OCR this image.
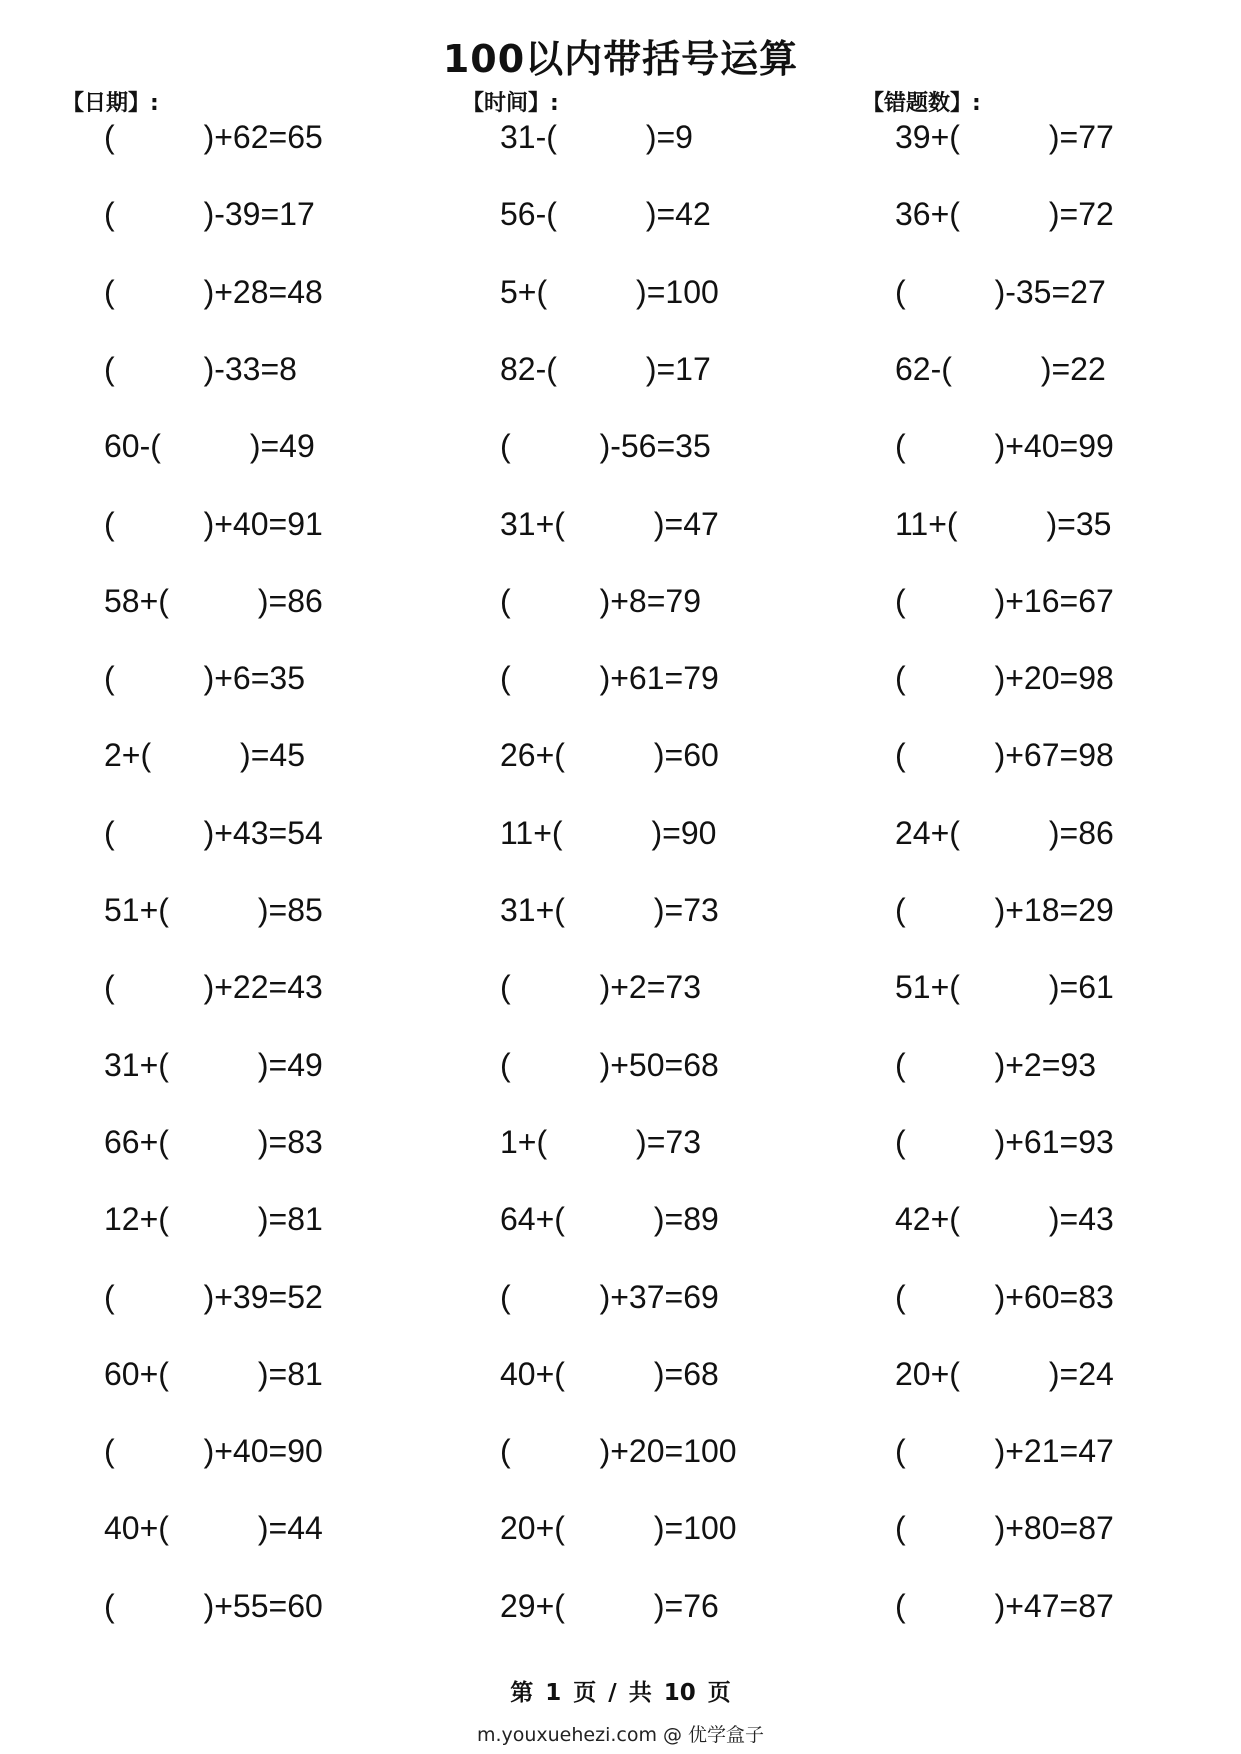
100以内带括号运算
【日期】:	【时间】:	【错题数】:
(          )+62=65
(          )-39=17
(          )+28=48
(          )-33=8
60-(          )=49
(          )+40=91
58+(          )=86
(          )+6=35
2+(          )=45
(          )+43=54
51+(          )=85
(          )+22=43
31+(          )=49
66+(          )=83
12+(          )=81
(          )+39=52
60+(          )=81
(          )+40=90
40+(          )=44
(          )+55=60
31-(          )=9
56-(          )=42
5+(          )=100
82-(          )=17
(          )-56=35
31+(          )=47
(          )+8=79
(          )+61=79
26+(          )=60
11+(          )=90
31+(          )=73
(          )+2=73
(          )+50=68
1+(          )=73
64+(          )=89
(          )+37=69
40+(          )=68
(          )+20=100
20+(          )=100
29+(          )=76
39+(          )=77
36+(          )=72
(          )-35=27
62-(          )=22
(          )+40=99
11+(          )=35
(          )+16=67
(          )+20=98
(          )+67=98
24+(          )=86
(          )+18=29
51+(          )=61
(          )+2=93
(          )+61=93
42+(          )=43
(          )+60=83
20+(          )=24
(          )+21=47
(          )+80=87
(          )+47=87
第 1 页 / 共 10 页
m.youxuehezi.com @ 优学盒子
